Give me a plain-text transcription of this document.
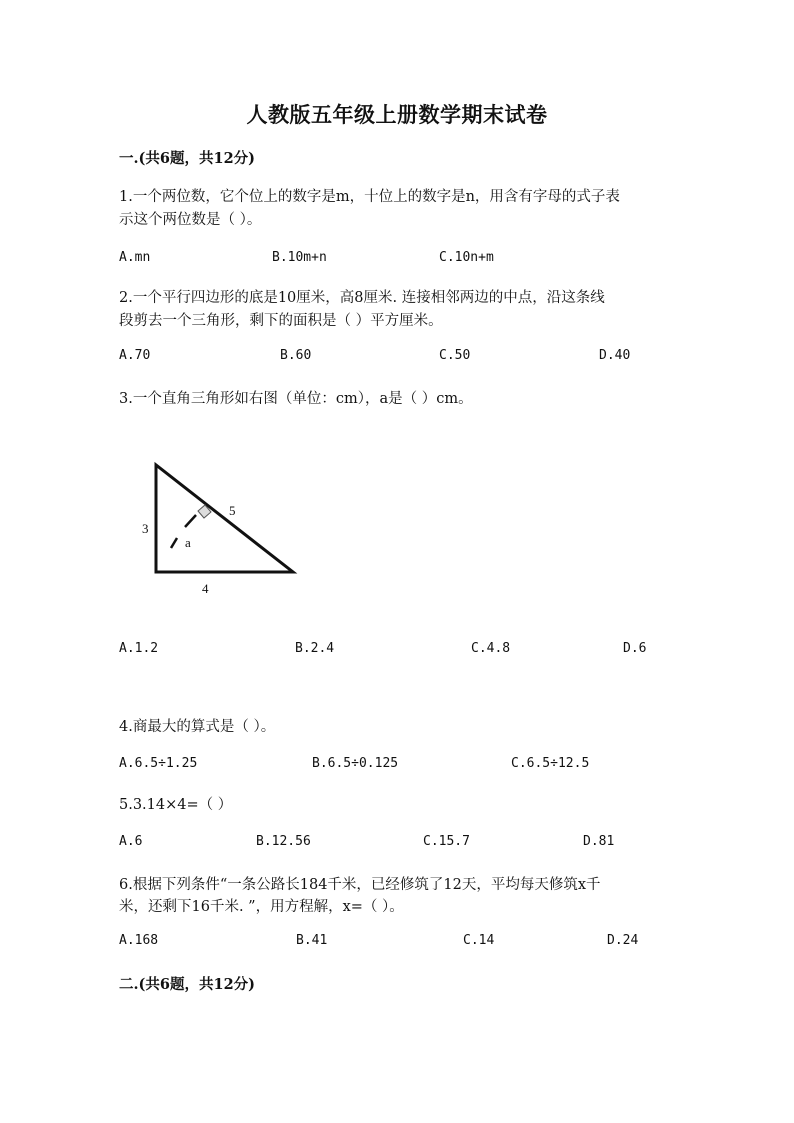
人教版五年级上册数学期末试卷
一.(共6题，共12分)
1.一个两位数，它个位上的数字是m，十位上的数字是n，用含有字母的式子表
示这个两位数是（ ）。
A.mn	B.10m+n	C.10n+m
2.一个平行四边形的底是10厘米，高8厘米. 连接相邻两边的中点，沿这条线
段剪去一个三角形，剩下的面积是（ ）平方厘米。
A.70	B.60	C.50	D.40
3.一个直角三角形如右图（单位：cm），a是（ ）cm。
3
5
4
a
A.1.2	B.2.4	C.4.8	D.6
4.商最大的算式是（ ）。
A.6.5÷1.25	B.6.5÷0.125	C.6.5÷12.5
5.3.14×4=（ ）
A.6	B.12.56	C.15.7	D.81
6.根据下列条件“一条公路长184千米，已经修筑了12天，平均每天修筑x千
米，还剩下16千米. ”，用方程解，x=（ ）。
A.168	B.41	C.14	D.24
二.(共6题，共12分)
